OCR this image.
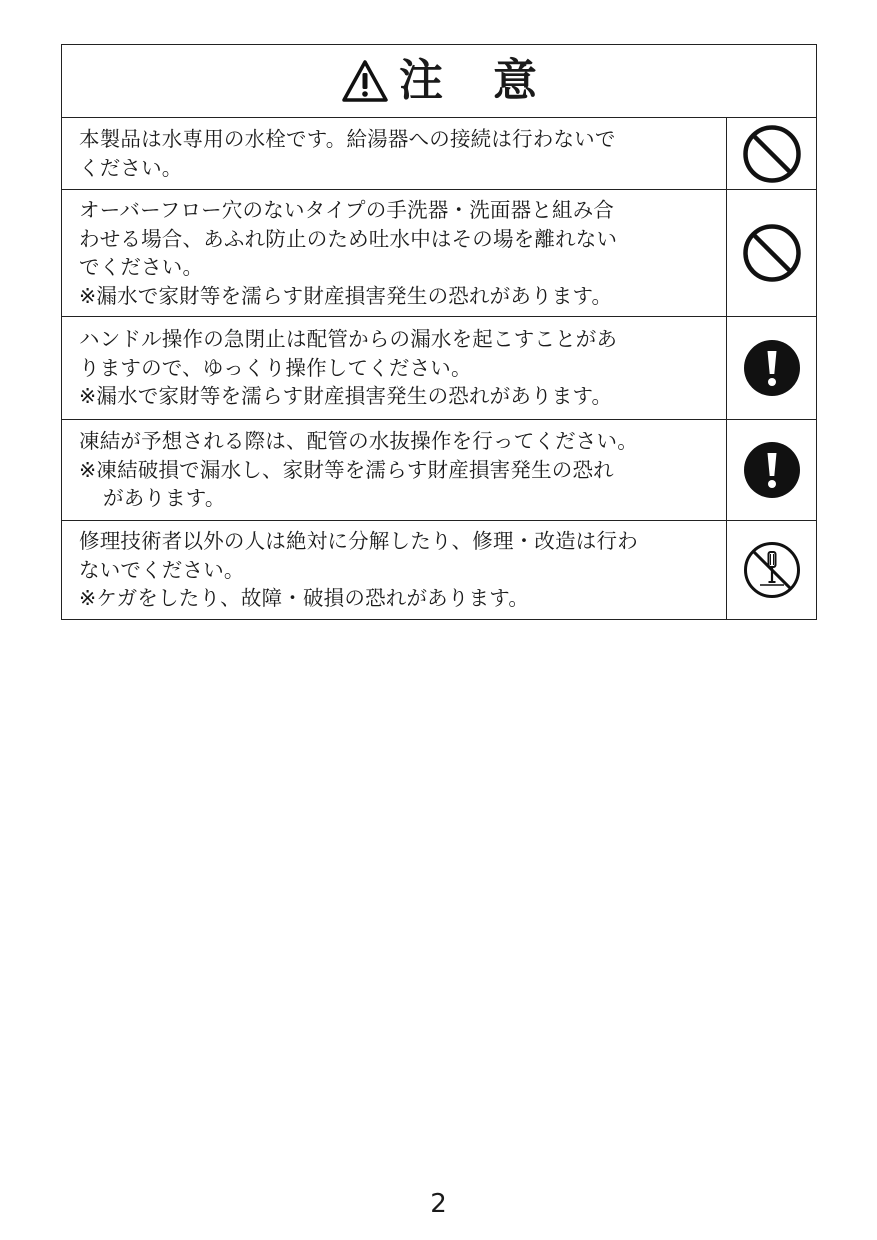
注意
本製品は水専用の水栓です。給湯器への接続は行わないで
ください。
オーバーフロー穴のないタイプの手洗器・洗面器と組み合
わせる場合、あふれ防止のため吐水中はその場を離れない
でください。
※漏水で家財等を濡らす財産損害発生の恐れがあります。
ハンドル操作の急閉止は配管からの漏水を起こすことがあ
りますので、ゆっくり操作してください。
※漏水で家財等を濡らす財産損害発生の恐れがあります。
凍結が予想される際は、配管の水抜操作を行ってください。
※凍結破損で漏水し、家財等を濡らす財産損害発生の恐れ
があります。
修理技術者以外の人は絶対に分解したり、修理・改造は行わ
ないでください。
※ケガをしたり、故障・破損の恐れがあります。
2
